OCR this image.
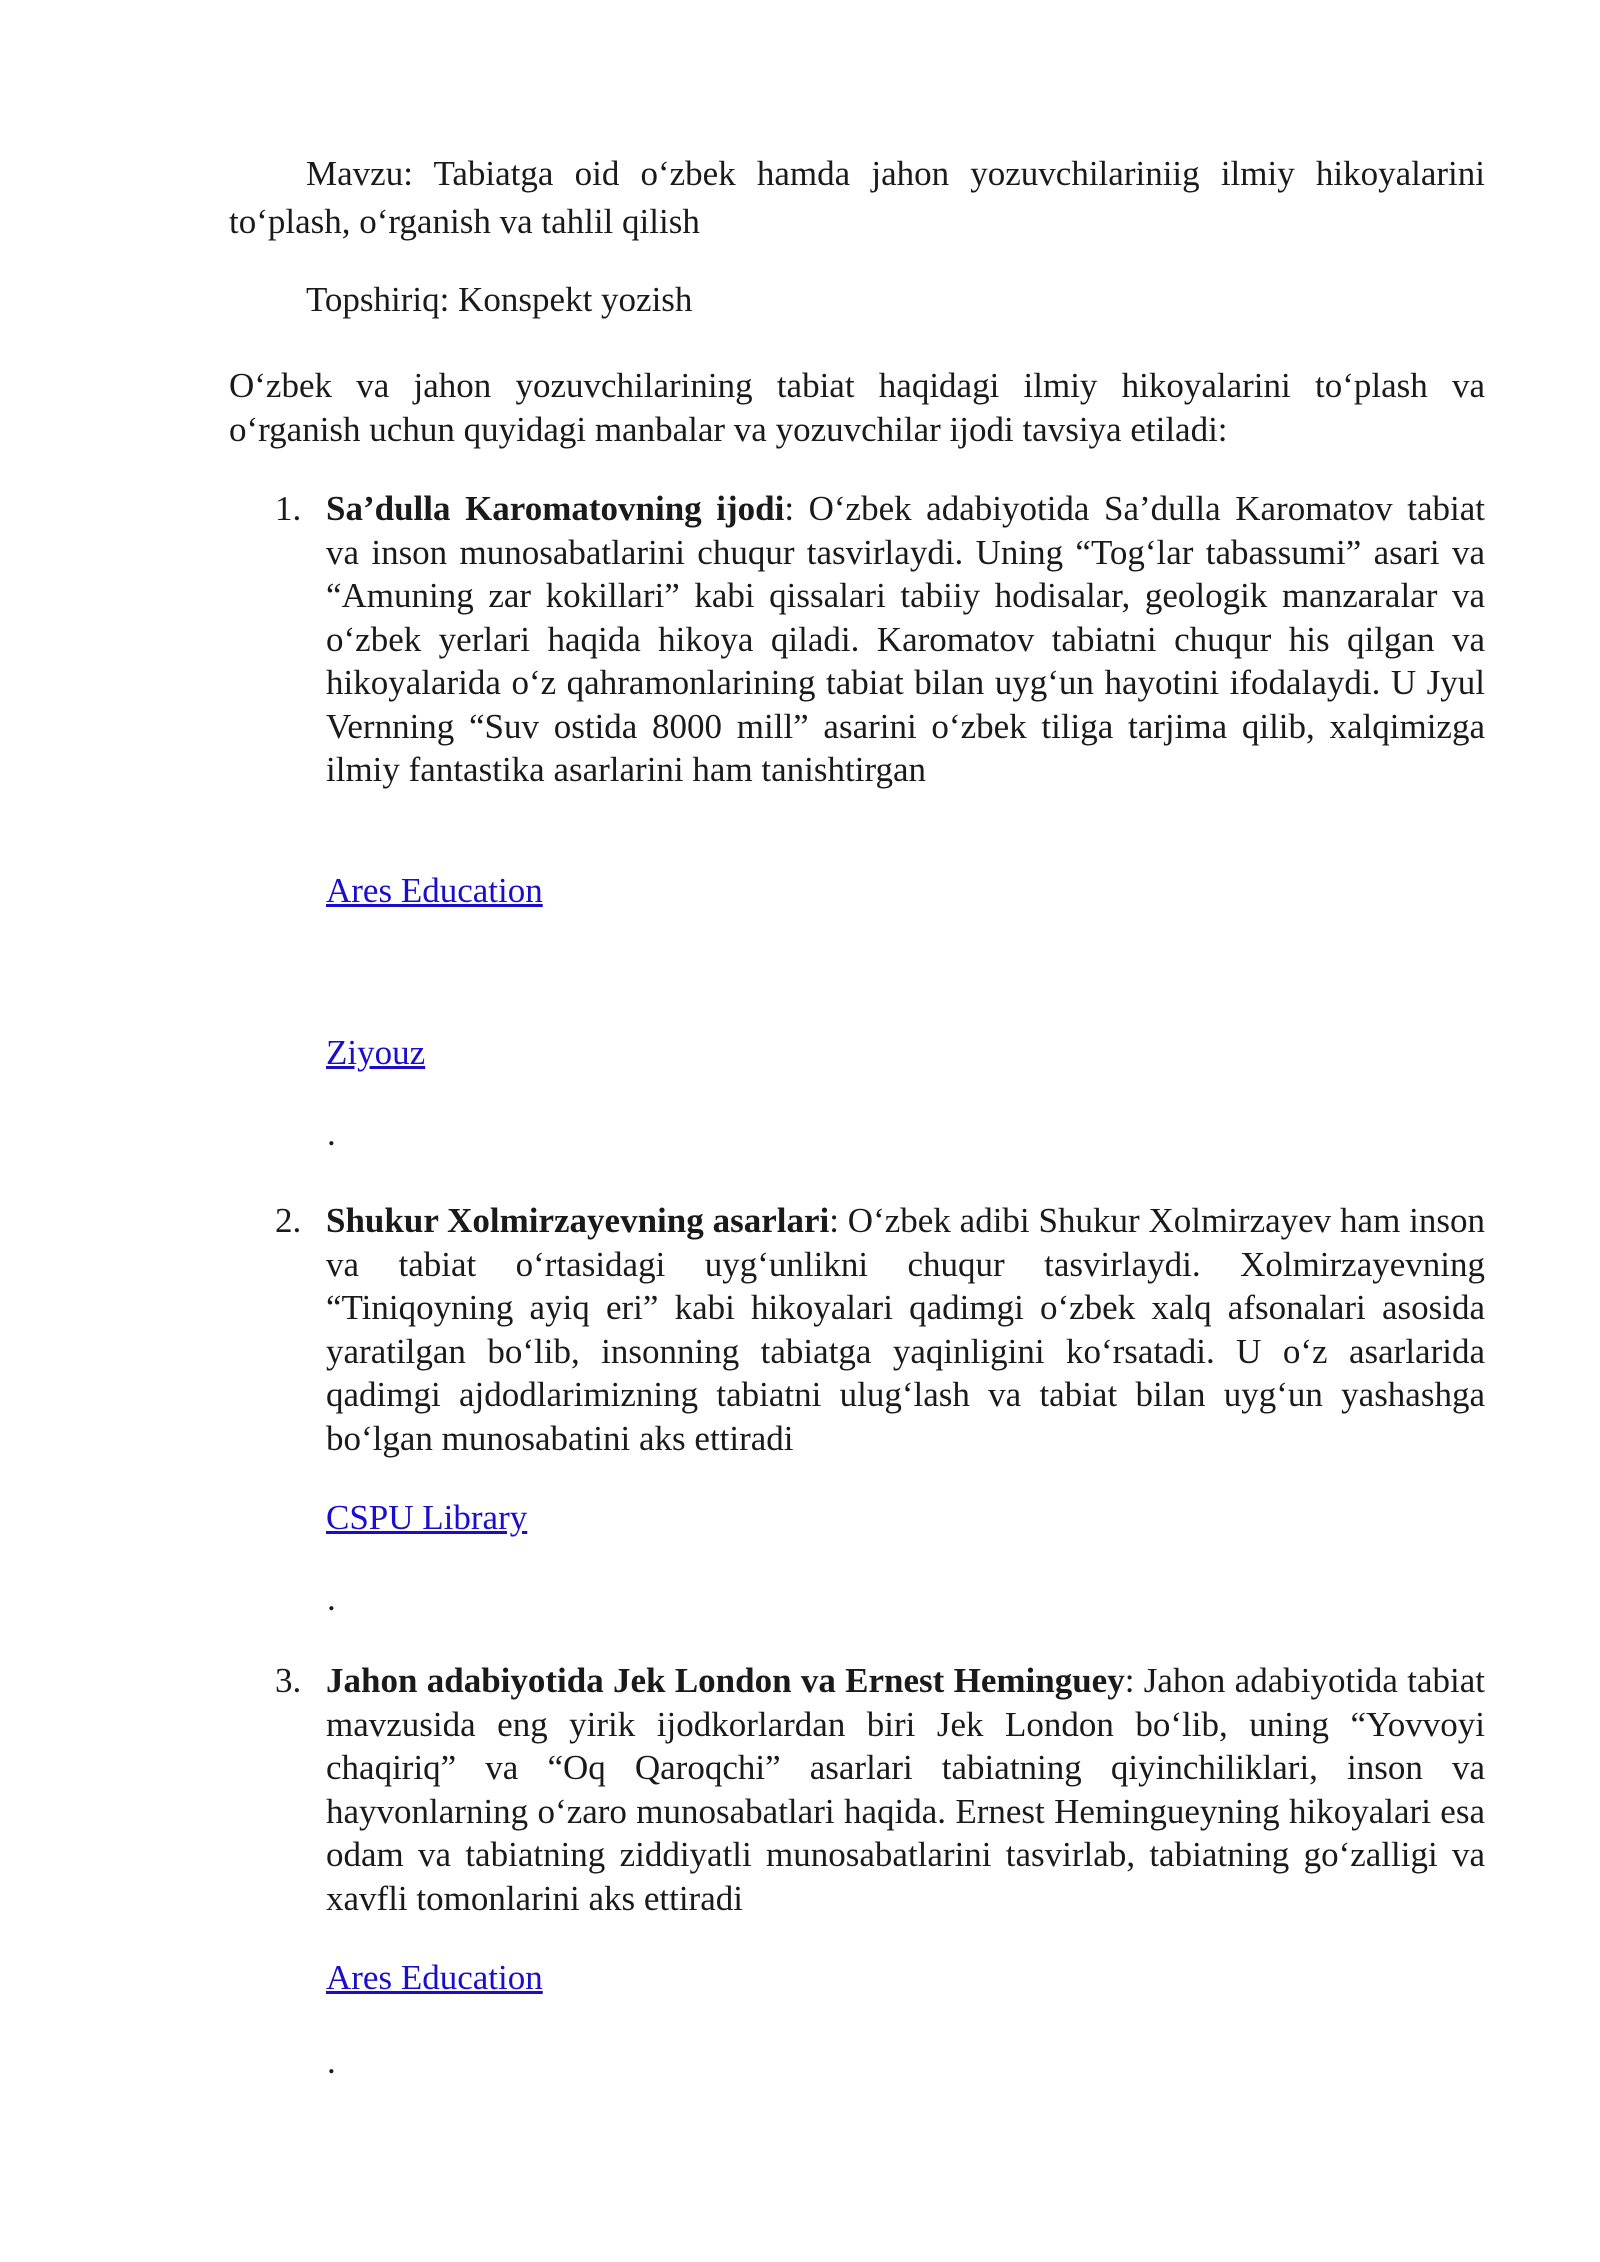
Mavzu: Tabiatga oid o‘zbek hamda jahon yozuvchilariniig ilmiy hikoyalarini to‘plash, o‘rganish va tahlil qilish

Topshiriq: Konspekt yozish

O‘zbek va jahon yozuvchilarining tabiat haqidagi ilmiy hikoyalarini to‘plash va o‘rganish uchun quyidagi manbalar va yozuvchilar ijodi tavsiya etiladi:

1. Sa’dulla Karomatovning ijodi: O‘zbek adabiyotida Sa’dulla Karomatov tabiat va inson munosabatlarini chuqur tasvirlaydi. Uning “Tog‘lar tabassumi” asari va “Amuning zar kokillari” kabi qissalari tabiiy hodisalar, geologik manzaralar va o‘zbek yerlari haqida hikoya qiladi. Karomatov tabiatni chuqur his qilgan va hikoyalarida o‘z qahramonlarining tabiat bilan uyg‘un hayotini ifodalaydi. U Jyul Vernning “Suv ostida 8000 mill” asarini o‘zbek tiliga tarjima qilib, xalqimizga ilmiy fantastika asarlarini ham tanishtirgan
Ares Education
Ziyouz
.
2. Shukur Xolmirzayevning asarlari: O‘zbek adibi Shukur Xolmirzayev ham inson va tabiat o‘rtasidagi uyg‘unlikni chuqur tasvirlaydi. Xolmirzayevning “Tiniqoyning ayiq eri” kabi hikoyalari qadimgi o‘zbek xalq afsonalari asosida yaratilgan bo‘lib, insonning tabiatga yaqinligini ko‘rsatadi. U o‘z asarlarida qadimgi ajdodlarimizning tabiatni ulug‘lash va tabiat bilan uyg‘un yashashga bo‘lgan munosabatini aks ettiradi
CSPU Library
.
3. Jahon adabiyotida Jek London va Ernest Heminguey: Jahon adabiyotida tabiat mavzusida eng yirik ijodkorlardan biri Jek London bo‘lib, uning “Yovvoyi chaqiriq” va “Oq Qaroqchi” asarlari tabiatning qiyinchiliklari, inson va hayvonlarning o‘zaro munosabatlari haqida. Ernest Hemingueyning hikoyalari esa odam va tabiatning ziddiyatli munosabatlarini tasvirlab, tabiatning go‘zalligi va xavfli tomonlarini aks ettiradi
Ares Education
.
